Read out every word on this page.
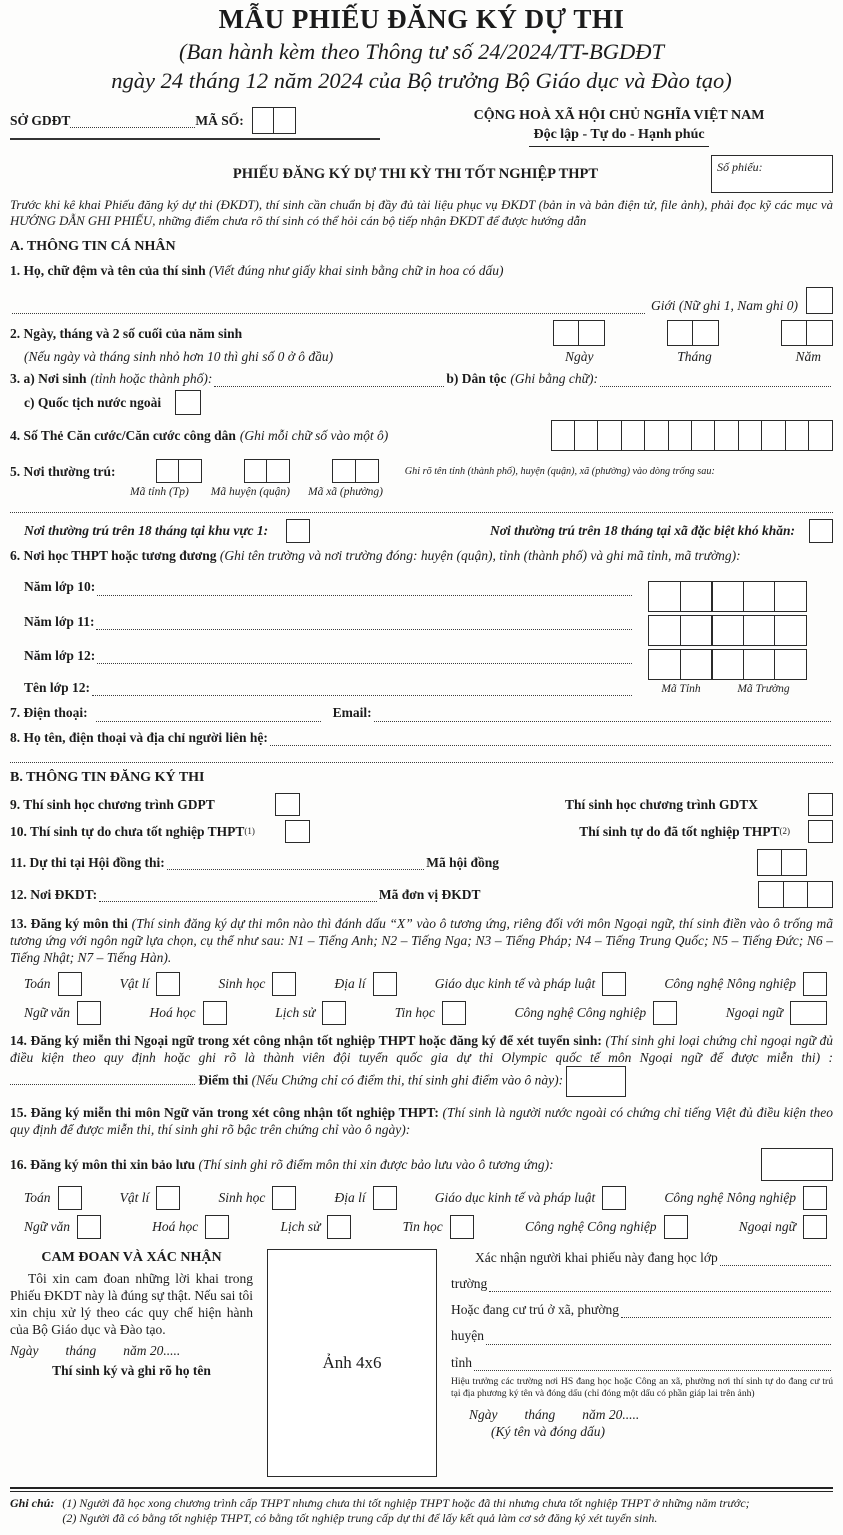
MẪU PHIẾU ĐĂNG KÝ DỰ THI
(Ban hành kèm theo Thông tư số 24/2024/TT-BGDĐT
ngày 24 tháng 12 năm 2024 của Bộ trưởng Bộ Giáo dục và Đào tạo)
SỞ GDĐT	MÃ SỐ:	CỘNG HOÀ XÃ HỘI CHỦ NGHĨA VIỆT NAM
Độc lập - Tự do - Hạnh phúc
PHIẾU ĐĂNG KÝ DỰ THI KỲ THI TỐT NGHIỆP THPT	Số phiếu:
Trước khi kê khai Phiếu đăng ký dự thi (ĐKDT), thí sinh cần chuẩn bị đầy đủ tài liệu phục vụ ĐKDT (bản in và bản điện tử, file ảnh), phải đọc kỹ các mục và HƯỚNG DẪN GHI PHIẾU, những điểm chưa rõ thí sinh có thể hỏi cán bộ tiếp nhận ĐKDT để được hướng dẫn
A. THÔNG TIN CÁ NHÂN
1. Họ, chữ đệm và tên của thí sinh (Viết đúng như giấy khai sinh bằng chữ in hoa có dấu)
Giới (Nữ ghi 1, Nam ghi 0)
2. Ngày, tháng và 2 số cuối của năm sinh
(Nếu ngày và tháng sinh nhỏ hơn 10 thì ghi số 0 ở ô đầu)	Ngày	Tháng	Năm
3. a) Nơi sinh (tỉnh hoặc thành phố):	b) Dân tộc (Ghi bằng chữ):
c) Quốc tịch nước ngoài
4. Số Thẻ Căn cước/Căn cước công dân (Ghi mỗi chữ số vào một ô)
5. Nơi thường trú:	Ghi rõ tên tỉnh (thành phố), huyện (quận), xã (phường) vào dòng trống sau:
Mã tỉnh (Tp) Mã huyện (quận) Mã xã (phường)
Nơi thường trú trên 18 tháng tại khu vực 1:	Nơi thường trú trên 18 tháng tại xã đặc biệt khó khăn:
6. Nơi học THPT hoặc tương đương (Ghi tên trường và nơi trường đóng: huyện (quận), tỉnh (thành phố) và ghi mã tỉnh, mã trường):
Năm lớp 10:
Năm lớp 11:
Năm lớp 12:
Tên lớp 12:	Mã Tỉnh	Mã Trường
7. Điện thoại:	Email:
8. Họ tên, điện thoại và địa chỉ người liên hệ:
B. THÔNG TIN ĐĂNG KÝ THI
9. Thí sinh học chương trình GDPT	Thí sinh học chương trình GDTX
10. Thí sinh tự do chưa tốt nghiệp THPT (1)	Thí sinh tự do đã tốt nghiệp THPT (2)
11. Dự thi tại Hội đồng thi:	Mã hội đồng
12. Nơi ĐKDT:	Mã đơn vị ĐKDT
13. Đăng ký môn thi (Thí sinh đăng ký dự thi môn nào thì đánh dấu “X” vào ô tương ứng, riêng đối với môn Ngoại ngữ, thí sinh điền vào ô trống mã tương ứng với ngôn ngữ lựa chọn, cụ thể như sau: N1 – Tiếng Anh; N2 – Tiếng Nga; N3 – Tiếng Pháp; N4 – Tiếng Trung Quốc; N5 – Tiếng Đức; N6 – Tiếng Nhật; N7 – Tiếng Hàn).
Toán	Vật lí	Sinh học	Địa lí	Giáo dục kinh tế và pháp luật	Công nghệ Nông nghiệp
Ngữ văn	Hoá học	Lịch sử	Tin học	Công nghệ Công nghiệp	Ngoại ngữ
14. Đăng ký miễn thi Ngoại ngữ trong xét công nhận tốt nghiệp THPT hoặc đăng ký để xét tuyển sinh: (Thí sinh ghi loại chứng chỉ ngoại ngữ đủ điều kiện theo quy định hoặc ghi rõ là thành viên đội tuyển quốc gia dự thi Olympic quốc tế môn Ngoại ngữ để được miễn thi) : Điểm thi (Nếu Chứng chỉ có điểm thi, thí sinh ghi điểm vào ô này):
15. Đăng ký miễn thi môn Ngữ văn trong xét công nhận tốt nghiệp THPT: (Thí sinh là người nước ngoài có chứng chỉ tiếng Việt đủ điều kiện theo quy định để được miễn thi, thí sinh ghi rõ bậc trên chứng chỉ vào ô ngày):
16. Đăng ký môn thi xin bảo lưu (Thí sinh ghi rõ điểm môn thi xin được bảo lưu vào ô tương ứng):
Toán	Vật lí	Sinh học	Địa lí	Giáo dục kinh tế và pháp luật	Công nghệ Nông nghiệp
Ngữ văn	Hoá học	Lịch sử	Tin học	Công nghệ Công nghiệp	Ngoại ngữ
CAM ĐOAN VÀ XÁC NHẬN
Tôi xin cam đoan những lời khai trong Phiếu ĐKDT này là đúng sự thật. Nếu sai tôi xin chịu xử lý theo các quy chế hiện hành của Bộ Giáo dục và Đào tạo.
Ngày        tháng        năm 20.....
Thí sinh ký và ghi rõ họ tên	Ảnh 4x6
Xác nhận người khai phiếu này đang học lớp
trường
Hoặc đang cư trú ở xã, phường
huyện
tỉnh
Hiệu trưởng các trường nơi HS đang học hoặc Công an xã, phường nơi thí sinh tự do đang cư trú tại địa phương ký tên và đóng dấu (chỉ đóng một dấu có phần giáp lai trên ảnh)
Ngày        tháng        năm 20.....
(Ký tên và đóng dấu)
Ghi chú: (1) Người đã học xong chương trình cấp THPT nhưng chưa thi tốt nghiệp THPT hoặc đã thi nhưng chưa tốt nghiệp THPT ở những năm trước;
(2) Người đã có bằng tốt nghiệp THPT, có bằng tốt nghiệp trung cấp dự thi để lấy kết quả làm cơ sở đăng ký xét tuyển sinh.
